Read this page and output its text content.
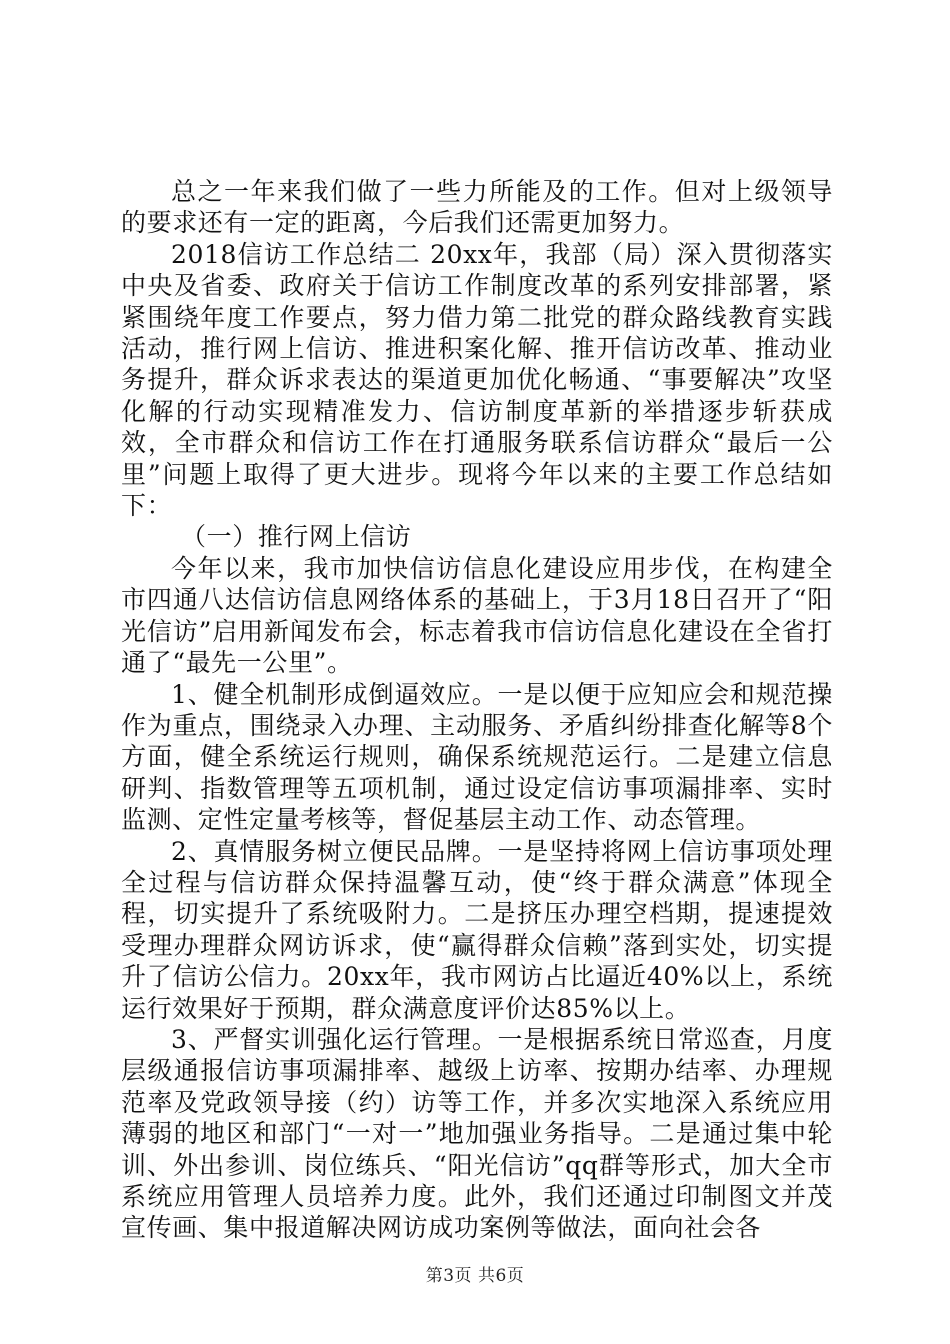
总之一年来我们做了一些力所能及的工作。但对上级领导的要求还有一定的距离，今后我们还需更加努力。

2018信访工作总结二 20xx年，我部（局）深入贯彻落实中央及省委、政府关于信访工作制度改革的系列安排部署，紧紧围绕年度工作要点，努力借力第二批党的群众路线教育实践活动，推行网上信访、推进积案化解、推开信访改革、推动业务提升，群众诉求表达的渠道更加优化畅通、“事要解决”攻坚化解的行动实现精准发力、信访制度革新的举措逐步斩获成效，全市群众和信访工作在打通服务联系信访群众“最后一公里”问题上取得了更大进步。现将今年以来的主要工作总结如下：

（一）推行网上信访

今年以来，我市加快信访信息化建设应用步伐，在构建全市四通八达信访信息网络体系的基础上，于3月18日召开了“阳光信访”启用新闻发布会，标志着我市信访信息化建设在全省打通了“最先一公里”。

1、健全机制形成倒逼效应。一是以便于应知应会和规范操作为重点，围绕录入办理、主动服务、矛盾纠纷排查化解等8个方面，健全系统运行规则，确保系统规范运行。二是建立信息研判、指数管理等五项机制，通过设定信访事项漏排率、实时监测、定性定量考核等，督促基层主动工作、动态管理。

2、真情服务树立便民品牌。一是坚持将网上信访事项处理全过程与信访群众保持温馨互动，使“终于群众满意”体现全程，切实提升了系统吸附力。二是挤压办理空档期，提速提效受理办理群众网访诉求，使“赢得群众信赖”落到实处，切实提升了信访公信力。20xx年，我市网访占比逼近40%以上，系统运行效果好于预期，群众满意度评价达85%以上。

3、严督实训强化运行管理。一是根据系统日常巡查，月度层级通报信访事项漏排率、越级上访率、按期办结率、办理规范率及党政领导接（约）访等工作，并多次实地深入系统应用薄弱的地区和部门“一对一”地加强业务指导。二是通过集中轮训、外出参训、岗位练兵、“阳光信访”qq群等形式，加大全市系统应用管理人员培养力度。此外，我们还通过印制图文并茂宣传画、集中报道解决网访成功案例等做法，面向社会各

第3页 共6页
